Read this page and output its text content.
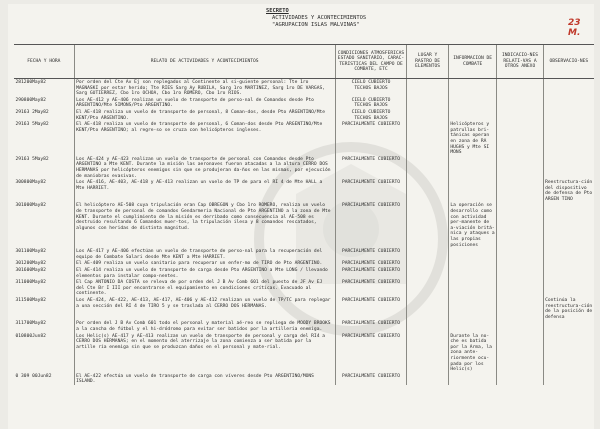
SECRETO
ACTIVIDADES Y ACONTECIMIENTOS
"AGRUPACION ISLAS MALVINAS"	23 M.
FECHA Y HORA	RELATO DE ACTIVIDADES Y ACONTECIMIENTOS	CONDICIONES ATMOSFERICAS ESTADO SANITARIO, CARAC-TERISTICAS DEL CAMPO DE COMBATE, ETC	LUGAR Y RASTRO DE ELEMENTOS	INFORMACION DE COMBATE	INDICACIO-NES RELATI-VAS A OTROS ANEXO	OBSERVACIO-NES
281200May82	Por orden del Cte Av Ej son replegados al Continente al si-guiente personal: Tte 1ro MAGNASKI por estar herido; Tte RIES Sarg Ay RUBILA, Sarg 1ro MARTINEZ, Sarg 1ro DE VARGAS, Sarg GUTIERREZ, Cbo 1ro OCHOA, Cbo 1ro ROMERO, Cbo 1ro RIOS.	CIELO CUBIERTO
TECHOS BAJOS				
290800May82	Los AE-412 y AE-406 realizan un vuelo de transporte de perso-nal de Comandos desde Pto ARGENTINO/Mte SIMONS/Pto ARGENTINO.	CIELO CUBIERTO
TECHOS BAJOS				
29163 2May82	El AE-418 realiza un vuelo de transporte de personal, 8 Coman-dos, desde Pto ARGENTINO/Mte KENT/Pto ARGENTINO.	CIELO CUBIERTO
TECHOS BAJOS				
29163 5May82	El AE-418 realiza un vuelo de transporte de personal, 6 Coman-dos desde Pto ARGENTINO/Mte KENT/Pto ARGENTINO; al regre-so se cruza con helicópteros ingleses.	PARCIALMENTE CUBIERTO		Helicópteros y patrullas bri-tánicas operan en zona de RA HUGHS y Mte SI MONS		
29163 5May82	Los AE-424 y AE-423 realizan un vuelo de transporte de personal con Comandos desde Pto ARGENTINO a Mte KENT. Durante la misión las aeronaves fueron atacadas a la altura CERRO DOS HERMANAS por helicópteros enemigos sin que se produjeran da-ños en las mismas, por ejecución de maniobras evasivas.	PARCIALMENTE CUBIERTO				
300800May82	Los AE-416, AE-403, AE-418 y AE-413 realizan un vuelo de TP de para el RI 4 de Mte HALL a Mte HARRIET.	PARCIALMENTE CUBIERTO				Reestructura-ción del dispositivo de defensa de Pto ARGEN TINO
301000May82	El helicóptero AE-508 cuya tripulación eran Cap OBREGON y Cbo 1ro ROMERO, realiza un vuelo de transporte de personal de comandos Gendarmeria Nacional de Pto ARGENTINO a la zona de Mte KENT. Durante el cumplimiento de la misión es derribado como consecuencia al AE-508 es destruido resultando 6 Comandos muer-tos, la tripulación ilesa y 8 comandos rescatados, algunos con heridas de distinta magnitud.	PARCIALMENTE CUBIERTO		La operación se desarrollo como con actividad per-manente de a-viación britá-nica y ataques a las propias posiciones		
301100May82	Los AE-417 y AE-406 efectúan un vuelo de transporte de perso-nal para la recuperación del equipo de Combate Salari desde Mte KENT a Mte HARRIET.	PARCIALMENTE CUBIERTO				
301200May82	El AE-409 realiza un vuelo sanitario para recuperar un enfer-mo de TIRO de Pto ARGENTINO.	PARCIALMENTE CUBIERTO				
301600May82	El AE-414 realiza un vuelo de transporte de carga desde Pto ARGENTINO a Mte LONG / llevando elementos para instalar compo-nentes.	PARCIALMENTE CUBIERTO				
311000May82	El Cap ANTONIO DA COSTA se releva de por orden del J B Av Comb 601 del puesto de JF Av EJ del Cte Br I III por encontrarse el equipamiento en condiciones críticas. Evacuado al continente.	PARCIALMENTE CUBIERTO				
311500May82	Los AE-424, AE-422, AE-413, AE-417, AE-406 y AE-412 realizan un vuelo de TP/TC para replegar a una sección del RI 4 de TIRO 5 y se traslada al CERRO DOS HERMANAS.	PARCIALMENTE CUBIERTO				Continúa la reestructura-ción de la posición de defensa
311700May82	Por orden del J B Av Comb 601 todo el personal y material aé-reo se repliega de MOODY BROOKS a la cancha de fútbol y el hi-dródromo para evitar ser batidos por la artillería enemiga.	PARCIALMENTE CUBIERTO				
010800Jun82	Los Helic(s) AE-417 y AE-413 realizan un vuelo de transporte de personal y carga del RI4 a CERRO DOS HERMANAS; en el momento del aterrizaje la zona comienza a ser batida por la artille ría enemiga sin que se produzcan daños en el personal y mate-rial.	PARCIALMENTE CUBIERTO		Durante la no-che es batida por la Arma, la zona ante-riormente ocu-pada por los Helic(s)		
0 309 00Jun82	El AE-422 efectúa un vuelo de transporte de carga con víveres desde Pto ARGENTINO/MONS ISLAND.	PARCIALMENTE CUBIERTO				
